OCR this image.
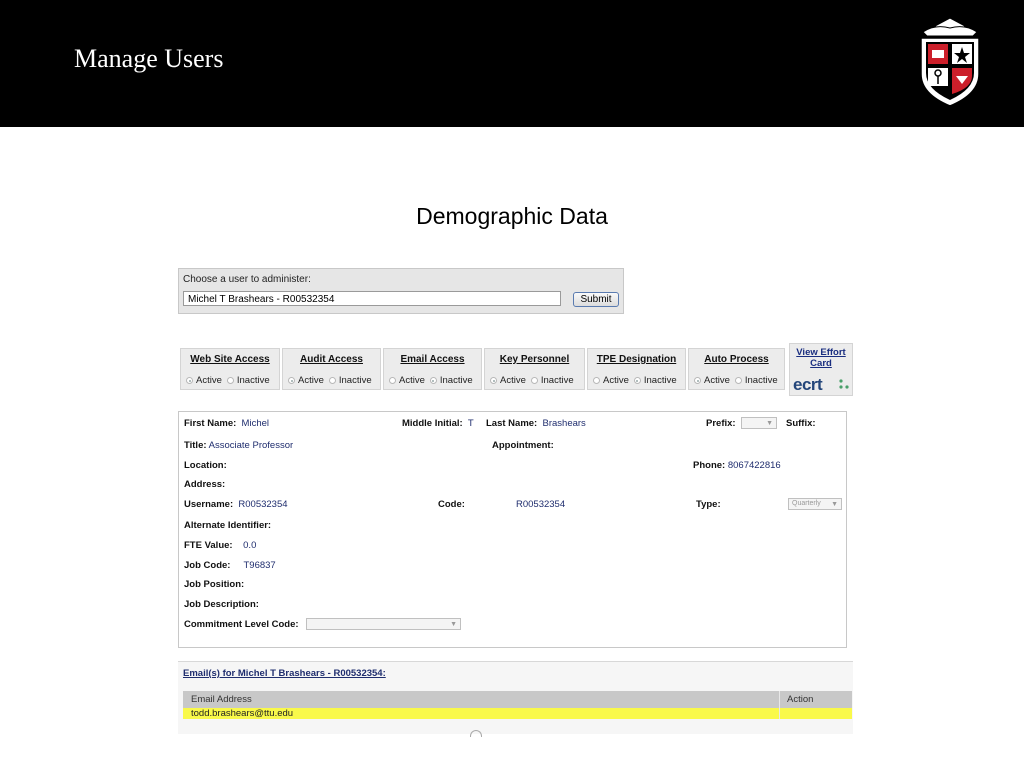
Manage Users
Demographic Data
Choose a user to administer:
Michel T Brashears - R00532354	Submit
Web Site Access
Active Inactive
Audit Access
Active Inactive
Email Access
Active Inactive
Key Personnel
Active Inactive
TPE Designation
Active Inactive
Auto Process
Active Inactive
View Effort
Card
ecrt
First Name: Michel	Middle Initial: T Last Name: Brashears	Prefix:	▼ Suffix:
Title: Associate Professor	Appointment:
Location:	Phone: 8067422816
Address:
Username: R00532354	Code:	R00532354	Type:	Quarterly ▼
Alternate Identifier:
FTE Value: 0.0
Job Code: T96837
Job Position:
Job Description:
Commitment Level Code:	▼
Email(s) for Michel T Brashears - R00532354:
Email Address	Action
todd.brashears@ttu.edu
